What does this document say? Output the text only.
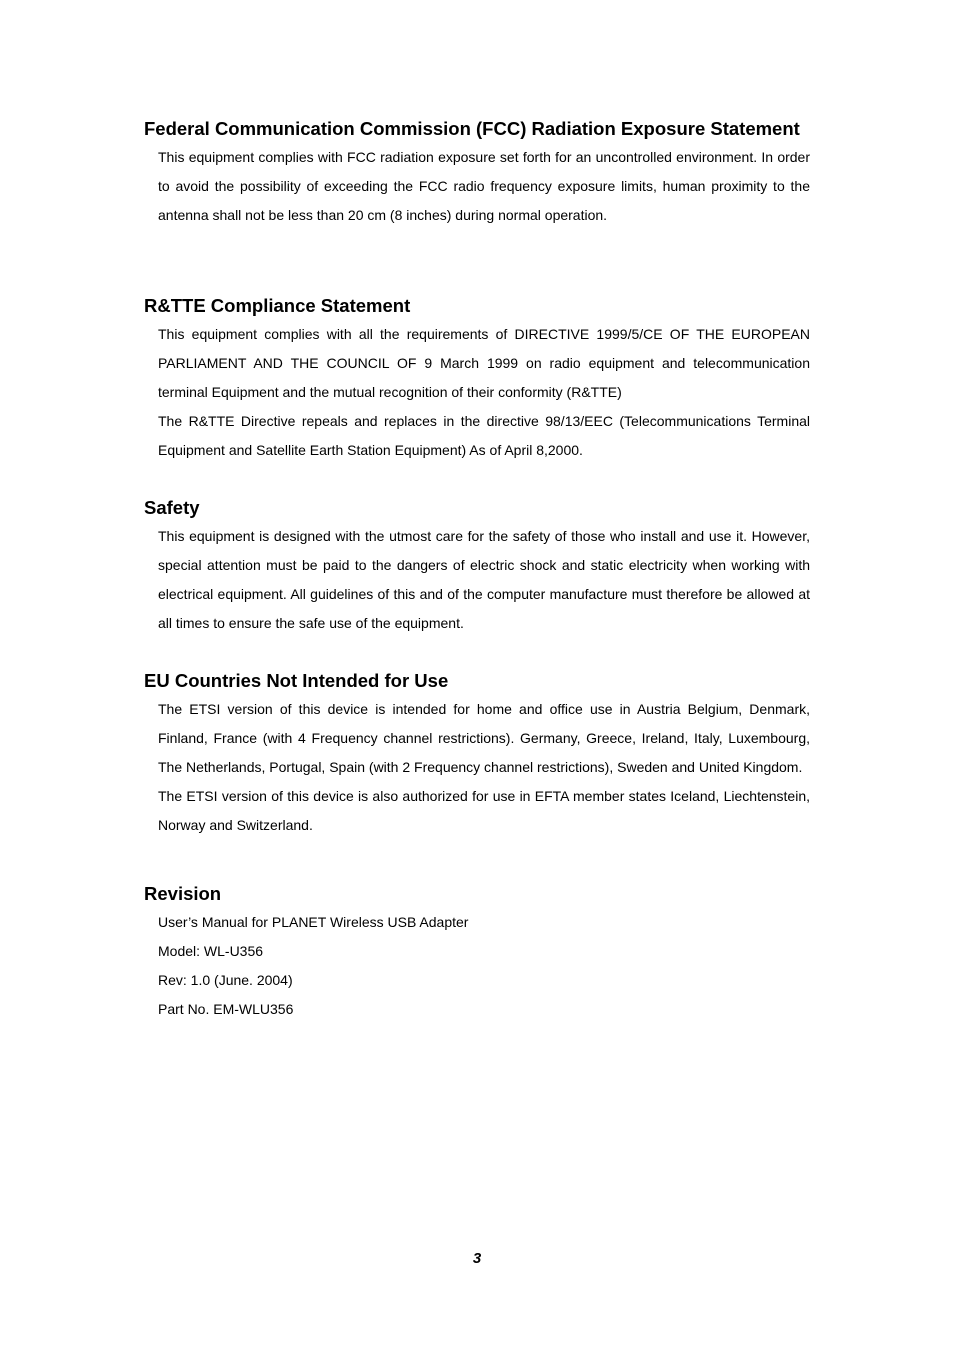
Federal Communication Commission (FCC) Radiation Exposure Statement

This equipment complies with FCC radiation exposure set forth for an uncontrolled environment. In order to avoid the possibility of exceeding the FCC radio frequency exposure limits, human proximity to the antenna shall not be less than 20 cm (8 inches) during normal operation.

R&TTE Compliance Statement

This equipment complies with all the requirements of DIRECTIVE 1999/5/CE OF THE EUROPEAN PARLIAMENT AND THE COUNCIL OF 9 March 1999 on radio equipment and telecommunication terminal Equipment and the mutual recognition of their conformity (R&TTE)

The R&TTE Directive repeals and replaces in the directive 98/13/EEC (Telecommunications Terminal Equipment and Satellite Earth Station Equipment) As of April 8,2000.

Safety

This equipment is designed with the utmost care for the safety of those who install and use it. However, special attention must be paid to the dangers of electric shock and static electricity when working with electrical equipment. All guidelines of this and of the computer manufacture must therefore be allowed at all times to ensure the safe use of the equipment.

EU Countries Not Intended for Use

The ETSI version of this device is intended for home and office use in Austria Belgium, Denmark, Finland, France (with 4 Frequency channel restrictions). Germany, Greece, Ireland, Italy, Luxembourg, The Netherlands, Portugal, Spain (with 2 Frequency channel restrictions), Sweden and United Kingdom.

The ETSI version of this device is also authorized for use in EFTA member states Iceland, Liechtenstein, Norway and Switzerland.

Revision

User’s Manual for PLANET Wireless USB Adapter

Model: WL-U356

Rev: 1.0 (June. 2004)

Part No. EM-WLU356

3
